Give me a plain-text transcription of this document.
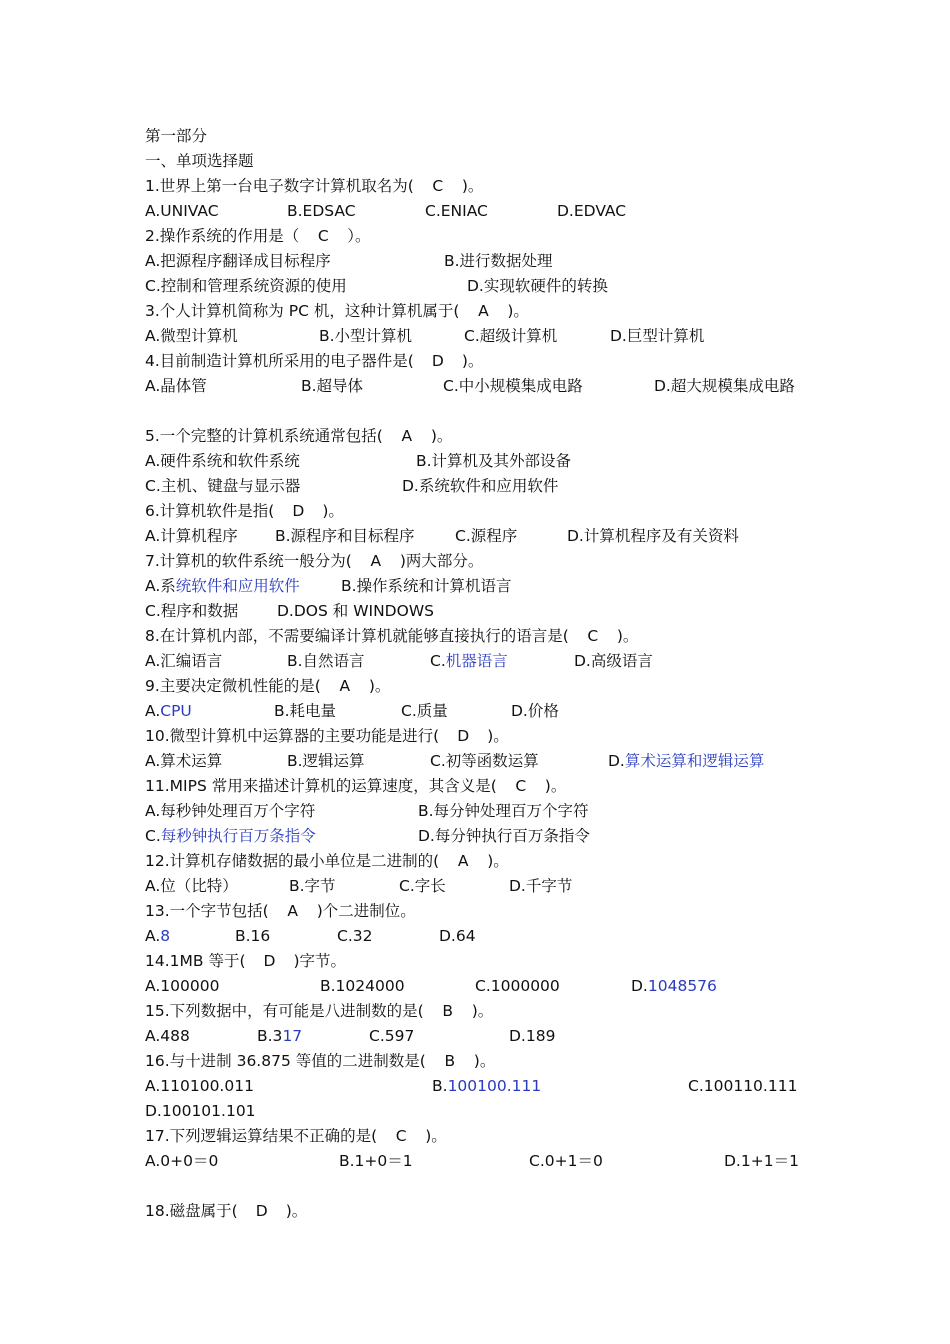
第一部分
一、单项选择题
1.世界上第一台电子数字计算机取名为( C )。
A.UNIVAC	B.EDSAC	C.ENIAC	D.EDVAC
2.操作系统的作用是（ C ）。
A.把源程序翻译成目标程序	B.进行数据处理
C.控制和管理系统资源的使用	D.实现软硬件的转换
3.个人计算机简称为 PC 机，这种计算机属于( A )。
A.微型计算机	B.小型计算机	C.超级计算机	D.巨型计算机
4.目前制造计算机所采用的电子器件是( D )。
A.晶体管	B.超导体	C.中小规模集成电路	D.超大规模集成电路
5.一个完整的计算机系统通常包括( A )。
A.硬件系统和软件系统	B.计算机及其外部设备
C.主机、键盘与显示器	D.系统软件和应用软件
6.计算机软件是指( D )。
A.计算机程序 B.源程序和目标程序	C.源程序	D.计算机程序及有关资料
7.计算机的软件系统一般分为( A )两大部分。
A.系统软件和应用软件	B.操作系统和计算机语言
C.程序和数据 D.DOS 和 WINDOWS
8.在计算机内部，不需要编译计算机就能够直接执行的语言是( C )。
A.汇编语言	B.自然语言	C.机器语言	D.高级语言
9.主要决定微机性能的是( A )。
A.CPU	B.耗电量	C.质量	D.价格
10.微型计算机中运算器的主要功能是进行( D )。
A.算术运算	B.逻辑运算	C.初等函数运算	D.算术运算和逻辑运算
11.MIPS 常用来描述计算机的运算速度，其含义是( C )。
A.每秒钟处理百万个字符	B.每分钟处理百万个字符
C.每秒钟执行百万条指令	D.每分钟执行百万条指令
12.计算机存储数据的最小单位是二进制的( A )。
A.位（比特）	B.字节	C.字长	D.千字节
13.一个字节包括( A )个二进制位。
A.8	B.16	C.32	D.64
14.1MB 等于( D )字节。
A.100000	B.1024000	C.1000000	D.1048576
15.下列数据中，有可能是八进制数的是( B )。
A.488	B.317	C.597	D.189
16.与十进制 36.875 等值的二进制数是( B )。
A.110100.011	B.100100.111	C.100110.111
D.100101.101
17.下列逻辑运算结果不正确的是( C )。
A.0+0＝0	B.1+0＝1	C.0+1＝0	D.1+1＝1
18.磁盘属于( D )。
